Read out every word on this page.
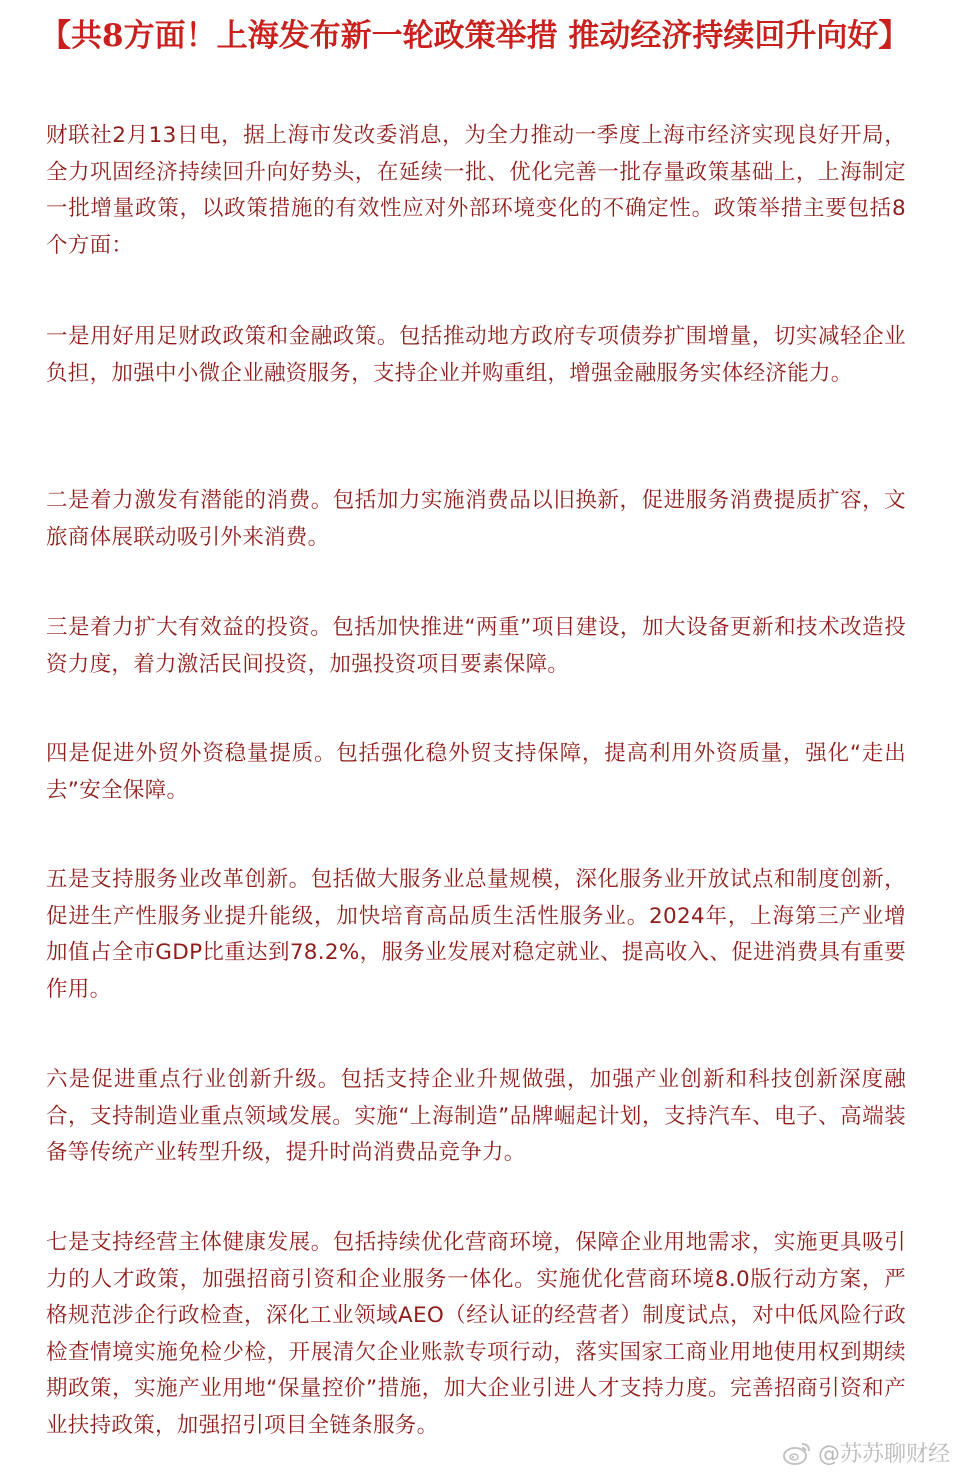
【共8方面！上海发布新一轮政策举措 推动经济持续回升向好】

财联社2月13日电，据上海市发改委消息，为全力推动一季度上海市经济实现良好开局，全力巩固经济持续回升向好势头，在延续一批、优化完善一批存量政策基础上，上海制定一批增量政策，以政策措施的有效性应对外部环境变化的不确定性。政策举措主要包括8个方面：

一是用好用足财政政策和金融政策。包括推动地方政府专项债券扩围增量，切实减轻企业负担，加强中小微企业融资服务，支持企业并购重组，增强金融服务实体经济能力。

二是着力激发有潜能的消费。包括加力实施消费品以旧换新，促进服务消费提质扩容，文旅商体展联动吸引外来消费。

三是着力扩大有效益的投资。包括加快推进“两重”项目建设，加大设备更新和技术改造投资力度，着力激活民间投资，加强投资项目要素保障。

四是促进外贸外资稳量提质。包括强化稳外贸支持保障，提高利用外资质量，强化“走出去”安全保障。

五是支持服务业改革创新。包括做大服务业总量规模，深化服务业开放试点和制度创新，促进生产性服务业提升能级，加快培育高品质生活性服务业。2024年，上海第三产业增加值占全市GDP比重达到78.2%，服务业发展对稳定就业、提高收入、促进消费具有重要作用。

六是促进重点行业创新升级。包括支持企业升规做强，加强产业创新和科技创新深度融合，支持制造业重点领域发展。实施“上海制造”品牌崛起计划，支持汽车、电子、高端装备等传统产业转型升级，提升时尚消费品竞争力。

七是支持经营主体健康发展。包括持续优化营商环境，保障企业用地需求，实施更具吸引力的人才政策，加强招商引资和企业服务一体化。实施优化营商环境8.0版行动方案，严格规范涉企行政检查，深化工业领域AEO（经认证的经营者）制度试点，对中低风险行政检查情境实施免检少检，开展清欠企业账款专项行动，落实国家工商业用地使用权到期续期政策，实施产业用地“保量控价”措施，加大企业引进人才支持力度。完善招商引资和产业扶持政策，加强招引项目全链条服务。

@苏苏聊财经
